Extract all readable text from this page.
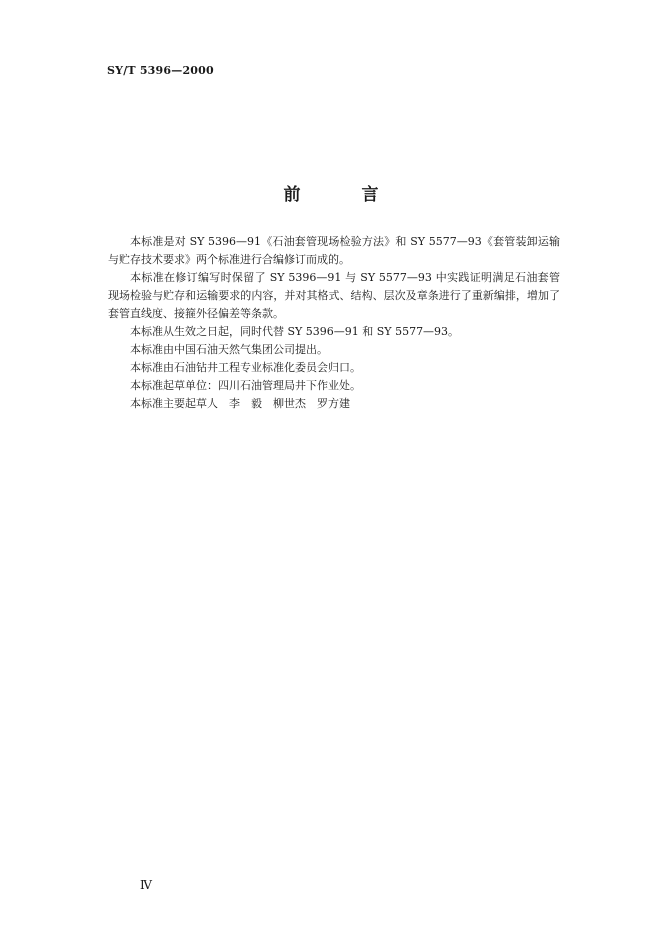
SY/T 5396—2000
前　言

本标准是对 SY 5396—91《石油套管现场检验方法》和 SY 5577—93《套管装卸运输与贮存技术要求》两个标准进行合编修订而成的。

本标准在修订编写时保留了 SY 5396—91 与 SY 5577—93 中实践证明满足石油套管现场检验与贮存和运输要求的内容，并对其格式、结构、层次及章条进行了重新编排，增加了套管直线度、接箍外径偏差等条款。

本标准从生效之日起，同时代替 SY 5396—91 和 SY 5577—93。

本标准由中国石油天然气集团公司提出。

本标准由石油钻井工程专业标准化委员会归口。

本标准起草单位：四川石油管理局井下作业处。

本标准主要起草人　李　毅　柳世杰　罗方建

Ⅳ
